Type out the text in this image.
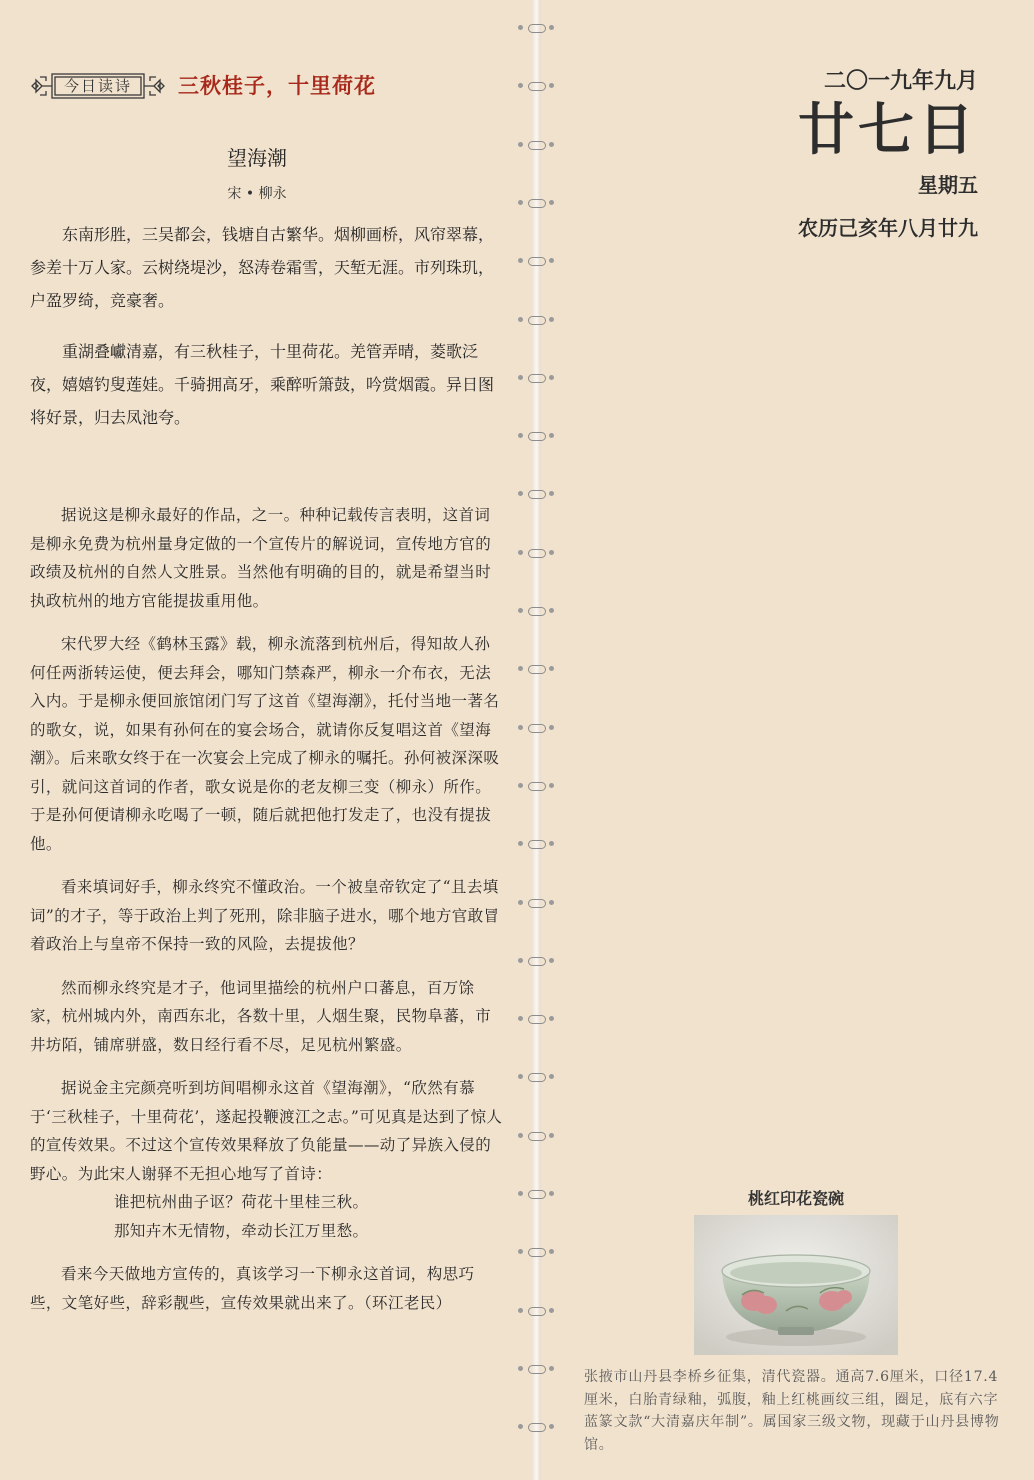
今日读诗	三秋桂子，十里荷花
望海潮
宋 • 柳永

东南形胜，三吴都会，钱塘自古繁华。烟柳画桥，风帘翠幕，参差十万人家。云树绕堤沙，怒涛卷霜雪，天堑无涯。市列珠玑，户盈罗绮，竞豪奢。

重湖叠巘清嘉，有三秋桂子，十里荷花。羌管弄晴，菱歌泛夜，嬉嬉钓叟莲娃。千骑拥高牙，乘醉听箫鼓，吟赏烟霞。异日图将好景，归去凤池夸。

据说这是柳永最好的作品，之一。种种记载传言表明，这首词是柳永免费为杭州量身定做的一个宣传片的解说词，宣传地方官的政绩及杭州的自然人文胜景。当然他有明确的目的，就是希望当时执政杭州的地方官能提拔重用他。

宋代罗大经《鹤林玉露》载，柳永流落到杭州后，得知故人孙何任两浙转运使，便去拜会，哪知门禁森严，柳永一介布衣，无法入内。于是柳永便回旅馆闭门写了这首《望海潮》，托付当地一著名的歌女，说，如果有孙何在的宴会场合，就请你反复唱这首《望海潮》。后来歌女终于在一次宴会上完成了柳永的嘱托。孙何被深深吸引，就问这首词的作者，歌女说是你的老友柳三变（柳永）所作。于是孙何便请柳永吃喝了一顿，随后就把他打发走了，也没有提拔他。

看来填词好手，柳永终究不懂政治。一个被皇帝钦定了“且去填词”的才子，等于政治上判了死刑，除非脑子进水，哪个地方官敢冒着政治上与皇帝不保持一致的风险，去提拔他？

然而柳永终究是才子，他词里描绘的杭州户口蕃息，百万馀家，杭州城内外，南西东北，各数十里，人烟生聚，民物阜蕃，市井坊陌，铺席骈盛，数日经行看不尽，足见杭州繁盛。

据说金主完颜亮听到坊间唱柳永这首《望海潮》，“欣然有慕于‘三秋桂子，十里荷花’，遂起投鞭渡江之志。”可见真是达到了惊人的宣传效果。不过这个宣传效果释放了负能量——动了异族入侵的野心。为此宋人谢驿不无担心地写了首诗：

谁把杭州曲子讴？荷花十里桂三秋。

那知卉木无情物，牵动长江万里愁。

看来今天做地方宣传的，真该学习一下柳永这首词，构思巧些，文笔好些，辞彩靓些，宣传效果就出来了。（环江老民）

二〇一九年九月
廿七日
星期五
农历己亥年八月廿九
桃红印花瓷碗
张掖市山丹县李桥乡征集，清代瓷器。通高7.6厘米，口径17.4厘米，白胎青绿釉，弧腹，釉上红桃画纹三组，圈足，底有六字蓝篆文款“大清嘉庆年制”。属国家三级文物，现藏于山丹县博物馆。
